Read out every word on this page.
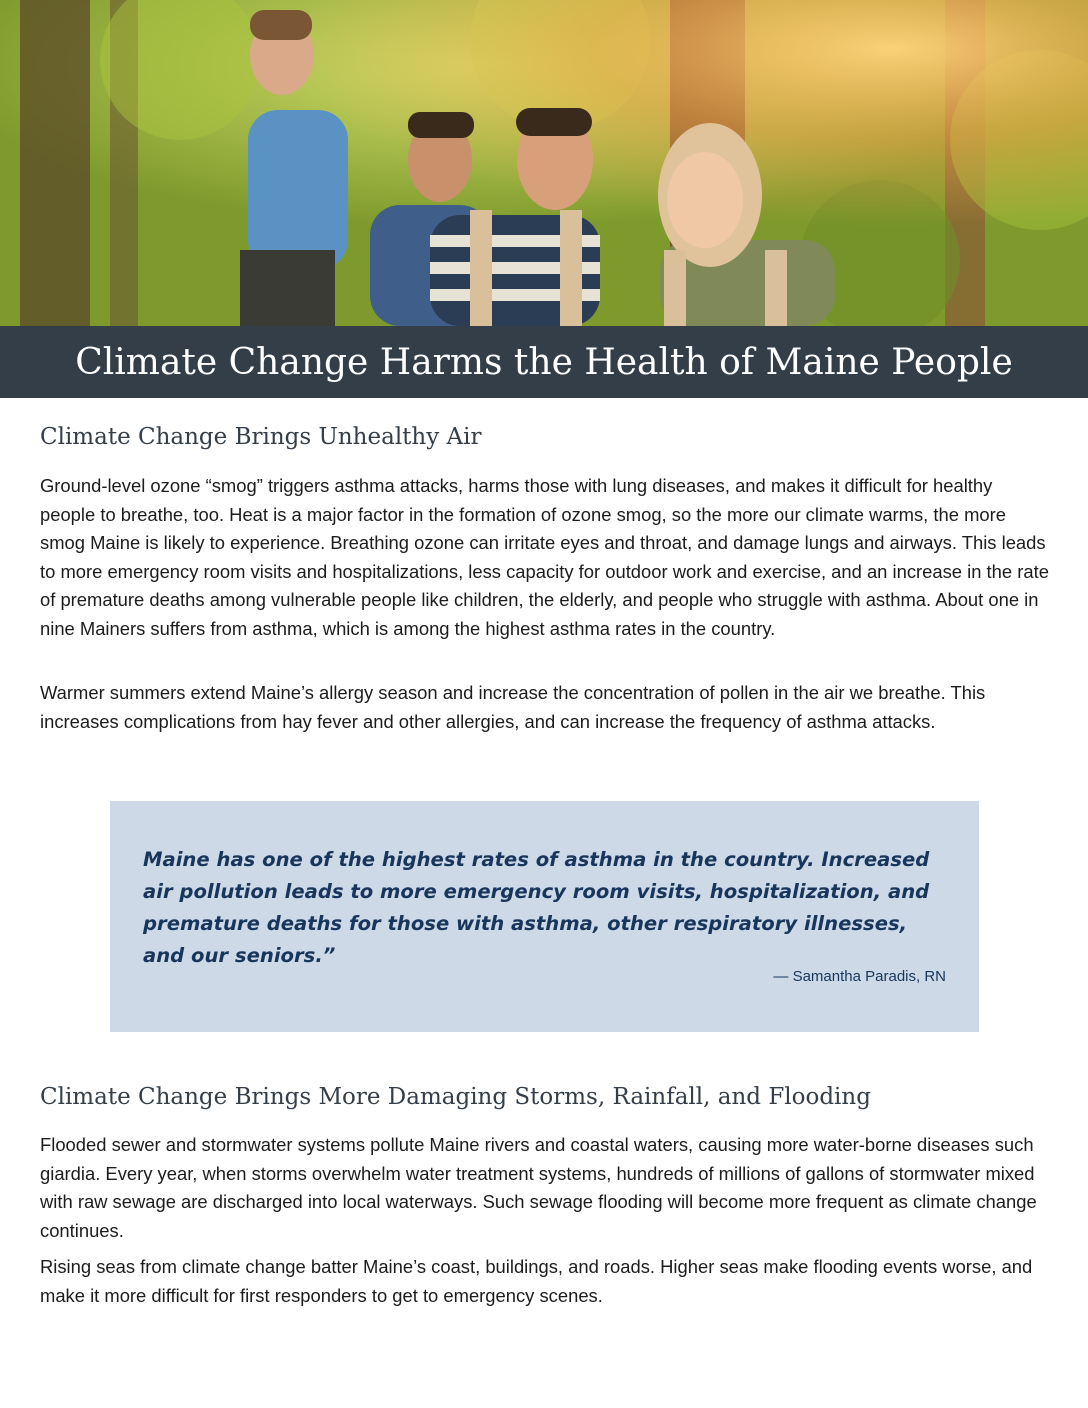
Climate Change Harms the Health of Maine People
Climate Change Brings Unhealthy Air

Ground-level ozone “smog” triggers asthma attacks, harms those with lung diseases, and makes it difficult for healthy people to breathe, too. Heat is a major factor in the formation of ozone smog, so the more our climate warms, the more smog Maine is likely to experience. Breathing ozone can irritate eyes and throat, and damage lungs and airways. This leads to more emergency room visits and hospitalizations, less capacity for outdoor work and exercise, and an increase in the rate of premature deaths among vulnerable people like children, the elderly, and people who struggle with asthma. About one in nine Mainers suffers from asthma, which is among the highest asthma rates in the country.

Warmer summers extend Maine’s allergy season and increase the concentration of pollen in the air we breathe. This increases complications from hay fever and other allergies, and can increase the frequency of asthma attacks.

Maine has one of the highest rates of asthma in the country. Increased air pollution leads to more emergency room visits, hospitalization, and premature deaths for those with asthma, other respiratory illnesses, and our seniors.”

— Samantha Paradis, RN

Climate Change Brings More Damaging Storms, Rainfall, and Flooding

Flooded sewer and stormwater systems pollute Maine rivers and coastal waters, causing more water-borne diseases such giardia. Every year, when storms overwhelm water treatment systems, hundreds of millions of gallons of stormwater mixed with raw sewage are discharged into local waterways. Such sewage flooding will become more frequent as climate change continues.

Rising seas from climate change batter Maine’s coast, buildings, and roads. Higher seas make flooding events worse, and make it more difficult for first responders to get to emergency scenes.
